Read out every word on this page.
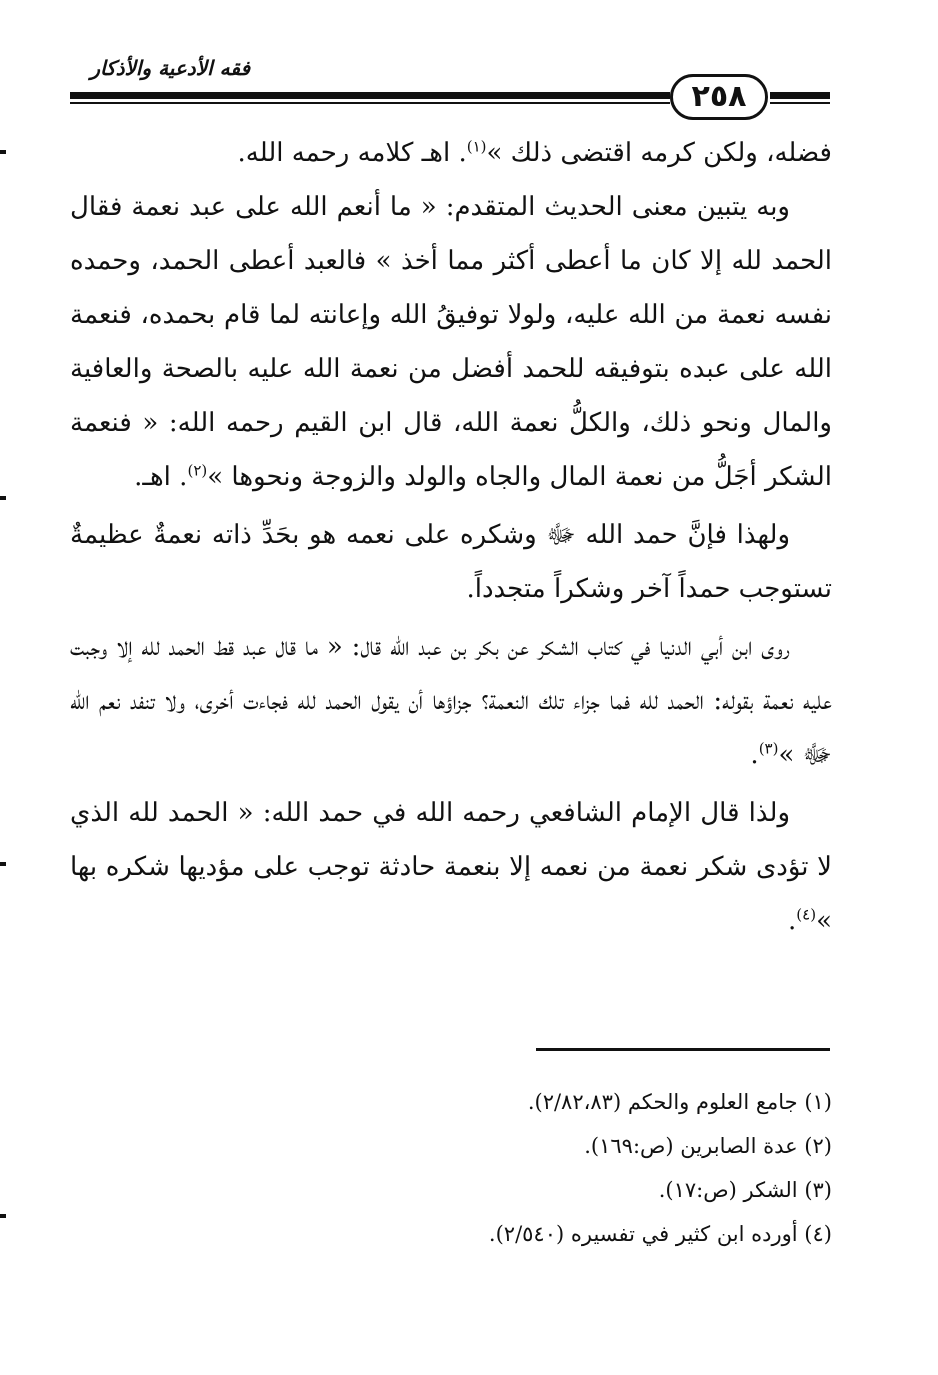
فقه الأدعية والأذكار
٢٥٨

فضله، ولكن كرمه اقتضى ذلك »$^{(١)}$. اهـ كلامه رحمه الله.

وبه يتبين معنى الحديث المتقدم: « ما أنعم الله على عبد نعمة فقال الحمد لله إلا كان ما أعطى أكثر مما أخذ » فالعبد أعطى الحمد، وحمده نفسه نعمة من الله عليه، ولولا توفيقُ الله وإعانته لما قام بحمده، فنعمة الله على عبده بتوفيقه للحمد أفضل من نعمة الله عليه بالصحة والعافية والمال ونحو ذلك، والكلُّ نعمة الله، قال ابن القيم رحمه الله: « فنعمة الشكر أجَلُّ من نعمة المال والجاه والولد والزوجة ونحوها »$^{(٢)}$. اهـ.

ولهذا فإنَّ حمد الله ﷻ وشكره على نعمه هو بحَدِّ ذاته نعمةٌ عظيمةٌ تستوجب حمداً آخر وشكراً متجدداً.

روى ابن أبي الدنيا في كتاب الشكر عن بكر بن عبد الله قال: « ما قال عبد قط الحمد لله إلا وجبت عليه نعمة بقوله: الحمد لله فما جزاء تلك النعمة؟ جزاؤها أن يقول الحمد لله فجاءت أخرى، ولا تنفد نعم الله ﷻ »$^{(٣)}$.

ولذا قال الإمام الشافعي رحمه الله في حمد الله: « الحمد لله الذي لا تؤدى شكر نعمة من نعمه إلا بنعمة حادثة توجب على مؤديها شكره بها »$^{(٤)}$.

(١) جامع العلوم والحكم (٢/٨٢،٨٣).
(٢) عدة الصابرين (ص:١٦٩).
(٣) الشكر (ص:١٧).
(٤) أورده ابن كثير في تفسيره (٢/٥٤٠).
